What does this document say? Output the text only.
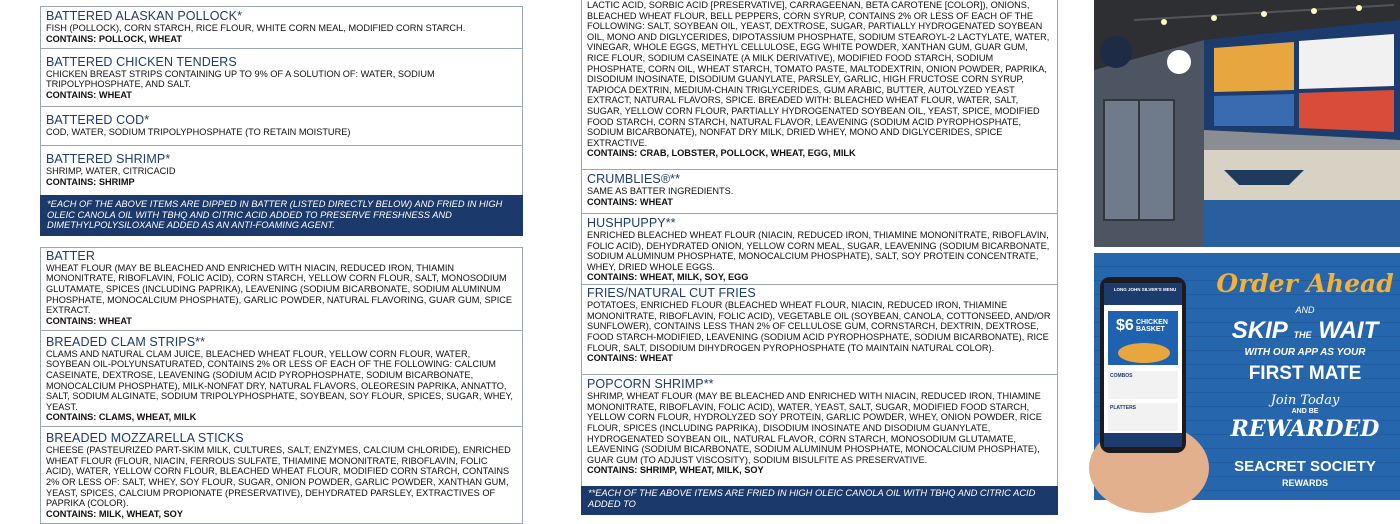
BATTERED ALASKAN POLLOCK*
FISH (POLLOCK), CORN STARCH, RICE FLOUR, WHITE CORN MEAL, MODIFIED CORN STARCH.
CONTAINS: POLLOCK, WHEAT
BATTERED CHICKEN TENDERS
CHICKEN BREAST STRIPS CONTAINING UP TO 9% OF A SOLUTION OF: WATER, SODIUM TRIPOLYPHOSPHATE, AND SALT.
CONTAINS: WHEAT
BATTERED COD*
COD, WATER, SODIUM TRIPOLYPHOSPHATE (TO RETAIN MOISTURE)
BATTERED SHRIMP*
SHRIMP, WATER, CITRICACID
CONTAINS: SHRIMP
*EACH OF THE ABOVE ITEMS ARE DIPPED IN BATTER (LISTED DIRECTLY BELOW) AND FRIED IN HIGH OLEIC CANOLA OIL WITH TBHQ AND CITRIC ACID ADDED TO PRESERVE FRESHNESS AND DIMETHYLPOLYSILOXANE ADDED AS AN ANTI-FOAMING AGENT.
BATTER
WHEAT FLOUR (MAY BE BLEACHED AND ENRICHED WITH NIACIN, REDUCED IRON, THIAMIN MONONITRATE, RIBOFLAVIN, FOLIC ACID), CORN STARCH, YELLOW CORN FLOUR, SALT, MONOSODIUM GLUTAMATE, SPICES (INCLUDING PAPRIKA), LEAVENING (SODIUM BICARBONATE, SODIUM ALUMINUM PHOSPHATE, MONOCALCIUM PHOSPHATE), GARLIC POWDER, NATURAL FLAVORING, GUAR GUM, SPICE EXTRACT.
CONTAINS: WHEAT
BREADED CLAM STRIPS**
CLAMS AND NATURAL CLAM JUICE, BLEACHED WHEAT FLOUR, YELLOW CORN FLOUR, WATER, SOYBEAN OIL-POLYUNSATURATED, CONTAINS 2% OR LESS OF EACH OF THE FOLLOWING: CALCIUM CASEINATE, DEXTROSE, LEAVENING (SODIUM ACID PYROPHOSPHATE, SODIUM BICARBONATE, MONOCALCIUM PHOSPHATE), MILK-NONFAT DRY, NATURAL FLAVORS, OLEORESIN PAPRIKA, ANNATTO, SALT, SODIUM ALGINATE, SODIUM TRIPOLYPHOSPHATE, SOYBEAN, SOY FLOUR, SPICES, SUGAR, WHEY, YEAST.
CONTAINS: CLAMS, WHEAT, MILK
BREADED MOZZARELLA STICKS
CHEESE (PASTEURIZED PART-SKIM MILK, CULTURES, SALT, ENZYMES, CALCIUM CHLORIDE), ENRICHED WHEAT FLOUR (FLOUR, NIACIN, FERROUS SULFATE, THIAMINE MONONITRATE, RIBOFLAVIN, FOLIC ACID), WATER, YELLOW CORN FLOUR, BLEACHED WHEAT FLOUR, MODIFIED CORN STARCH, CONTAINS 2% OR LESS OF: SALT, WHEY, SOY FLOUR, SUGAR, ONION POWDER, GARLIC POWDER, XANTHAN GUM, YEAST, SPICES, CALCIUM PROPIONATE (PRESERVATIVE), DEHYDRATED PARSLEY, EXTRACTIVES OF PAPRIKA (COLOR).
CONTAINS: MILK, WHEAT, SOY
LACTIC ACID, SORBIC ACID [PRESERVATIVE], CARRAGEENAN, BETA CAROTENE [COLOR]), ONIONS, BLEACHED WHEAT FLOUR, BELL PEPPERS, CORN SYRUP, CONTAINS 2% OR LESS OF EACH OF THE FOLLOWING: SALT, SOYBEAN OIL, YEAST, DEXTROSE, SUGAR, PARTIALLY HYDROGENATED SOYBEAN OIL, MONO AND DIGLYCERIDES, DIPOTASSIUM PHOSPHATE, SODIUM STEAROYL-2 LACTYLATE, WATER, VINEGAR, WHOLE EGGS, METHYL CELLULOSE, EGG WHITE POWDER, XANTHAN GUM, GUAR GUM, RICE FLOUR, SODIUM CASEINATE (A MILK DERIVATIVE), MODIFIED FOOD STARCH, SODIUM PHOSPHATE, CORN OIL, WHEAT STARCH, TOMATO PASTE, MALTODEXTRIN, ONION POWDER, PAPRIKA, DISODIUM INOSINATE, DISODIUM GUANYLATE, PARSLEY, GARLIC, HIGH FRUCTOSE CORN SYRUP, TAPIOCA DEXTRIN, MEDIUM-CHAIN TRIGLYCERIDES, GUM ARABIC, BUTTER, AUTOLYZED YEAST EXTRACT, NATURAL FLAVORS, SPICE. BREADED WITH: BLEACHED WHEAT FLOUR, WATER, SALT, SUGAR, YELLOW CORN FLOUR, PARTIALLY HYDROGENATED SOYBEAN OIL, YEAST, SPICE, MODIFIED FOOD STARCH, CORN STARCH, NATURAL FLAVOR, LEAVENING (SODIUM ACID PYROPHOSPHATE, SODIUM BICARBONATE), NONFAT DRY MILK, DRIED WHEY, MONO AND DIGLYCERIDES, SPICE EXTRACTIVE.
CONTAINS: CRAB, LOBSTER, POLLOCK, WHEAT, EGG, MILK
CRUMBLIES®**
SAME AS BATTER INGREDIENTS.
CONTAINS: WHEAT
HUSHPUPPY**
ENRICHED BLEACHED WHEAT FLOUR (NIACIN, REDUCED IRON, THIAMINE MONONITRATE, RIBOFLAVIN, FOLIC ACID), DEHYDRATED ONION, YELLOW CORN MEAL, SUGAR, LEAVENING (SODIUM BICARBONATE, SODIUM ALUMINUM PHOSPHATE, MONOCALCIUM PHOSPHATE), SALT, SOY PROTEIN CONCENTRATE, WHEY, DRIED WHOLE EGGS.
CONTAINS: WHEAT, MILK, SOY, EGG
FRIES/NATURAL CUT FRIES
POTATOES, ENRICHED FLOUR (BLEACHED WHEAT FLOUR, NIACIN, REDUCED IRON, THIAMINE MONONITRATE, RIBOFLAVIN, FOLIC ACID), VEGETABLE OIL (SOYBEAN, CANOLA, COTTONSEED, AND/OR SUNFLOWER), CONTAINS LESS THAN 2% OF CELLULOSE GUM, CORNSTARCH, DEXTRIN, DEXTROSE, FOOD STARCH-MODIFIED, LEAVENING (SODIUM ACID PYROPHOSPHATE, SODIUM BICARBONATE), RICE FLOUR, SALT, DISODIUM DIHYDROGEN PYROPHOSPHATE (TO MAINTAIN NATURAL COLOR).
CONTAINS: WHEAT
POPCORN SHRIMP**
SHRIMP, WHEAT FLOUR (MAY BE BLEACHED AND ENRICHED WITH NIACIN, REDUCED IRON, THIAMINE MONONITRATE, RIBOFLAVIN, FOLIC ACID), WATER, YEAST, SALT, SUGAR, MODIFIED FOOD STARCH, YELLOW CORN FLOUR, HYDROLYZED SOY PROTEIN, GARLIC POWDER, WHEY, ONION POWDER, RICE FLOUR, SPICES (INCLUDING PAPRIKA), DISODIUM INOSINATE AND DISODIUM GUANYLATE, HYDROGENATED SOYBEAN OIL, NATURAL FLAVOR, CORN STARCH, MONOSODIUM GLUTAMATE, LEAVENING (SODIUM BICARBONATE, SODIUM ALUMINUM PHOSPHATE, MONOCALCIUM PHOSPHATE), GUAR GUM (TO ADJUST VISCOSITY), SODIUM BISULFITE AS PRESERVATIVE.
CONTAINS: SHRIMP, WHEAT, MILK, SOY
**EACH OF THE ABOVE ITEMS ARE FRIED IN HIGH OLEIC CANOLA OIL WITH TBHQ AND CITRIC ACID ADDED TO
LONG JOHN SILVER'S MENU
$6 CHICKEN BASKET
COMBOS
PLATTERS
Order Ahead
AND
SKIP THE WAIT
WITH OUR APP AS YOUR
FIRST MATE
Join Today
AND BE
REWARDED
SEACRET SOCIETY
REWARDS
